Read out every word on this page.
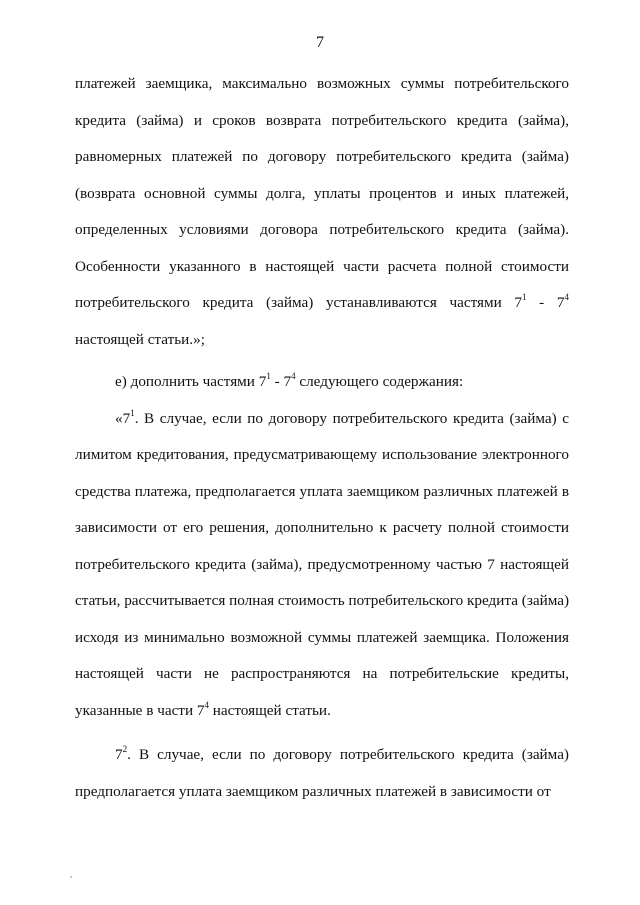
7

платежей заемщика, максимально возможных суммы потребительского кредита (займа) и сроков возврата потребительского кредита (займа), равномерных платежей по договору потребительского кредита (займа) (возврата основной суммы долга, уплаты процентов и иных платежей, определенных условиями договора потребительского кредита (займа). Особенности указанного в настоящей части расчета полной стоимости потребительского кредита (займа) устанавливаются частями $7^1 - 7^4$ настоящей статьи.»;

е) дополнить частями $7^1 - 7^4$ следующего содержания:

«$7^1$. В случае, если по договору потребительского кредита (займа) с лимитом кредитования, предусматривающему использование электронного средства платежа, предполагается уплата заемщиком различных платежей в зависимости от его решения, дополнительно к расчету полной стоимости потребительского кредита (займа), предусмотренному частью 7 настоящей статьи, рассчитывается полная стоимость потребительского кредита (займа) исходя из минимально возможной суммы платежей заемщика. Положения настоящей части не распространяются на потребительские кредиты, указанные в части $7^4$ настоящей статьи.

$7^2$. В случае, если по договору потребительского кредита (займа) предполагается уплата заемщиком различных платежей в зависимости от
